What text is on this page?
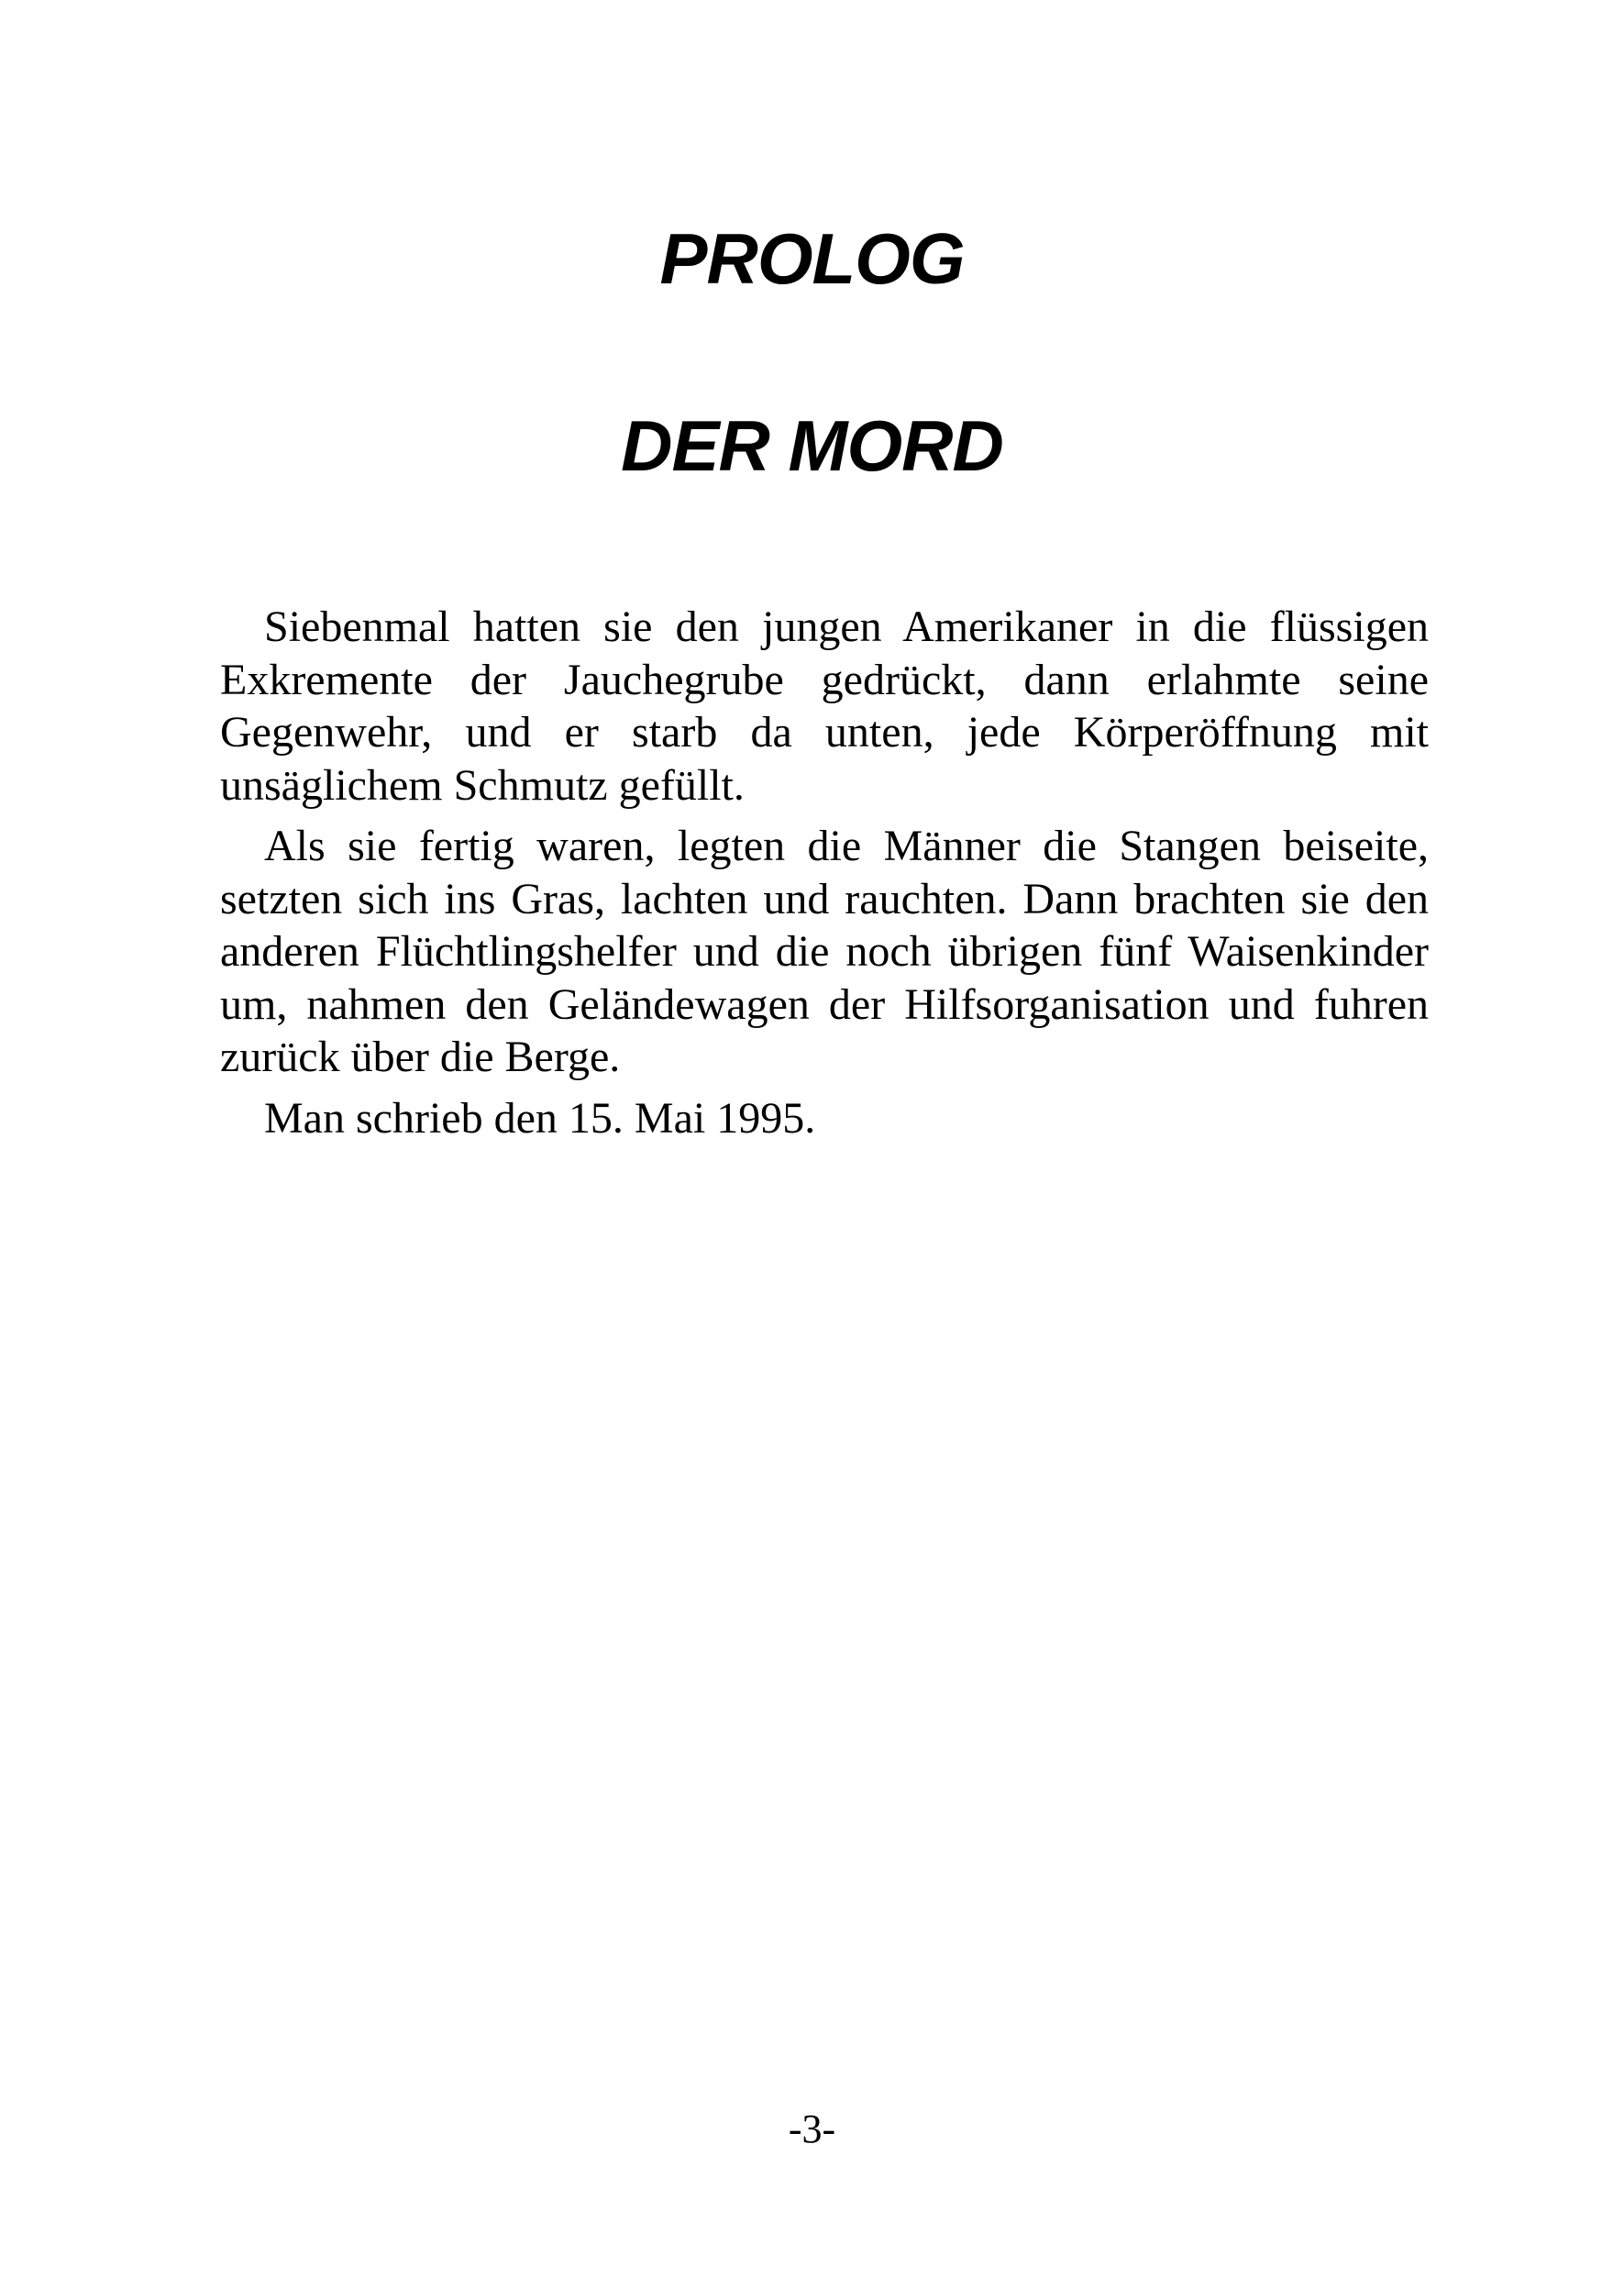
PROLOG
DER MORD

Siebenmal hatten sie den jungen Amerikaner in die flüssigen Exkremente der Jauchegrube gedrückt, dann erlahmte seine Gegenwehr, und er starb da unten, jede Körperöffnung mit unsäglichem Schmutz gefüllt.

Als sie fertig waren, legten die Männer die Stangen beiseite, setzten sich ins Gras, lachten und rauchten. Dann brachten sie den anderen Flüchtlingshelfer und die noch übrigen fünf Waisenkinder um, nahmen den Geländewagen der Hilfsorganisation und fuhren zurück über die Berge.

Man schrieb den 15. Mai 1995.

-3-
